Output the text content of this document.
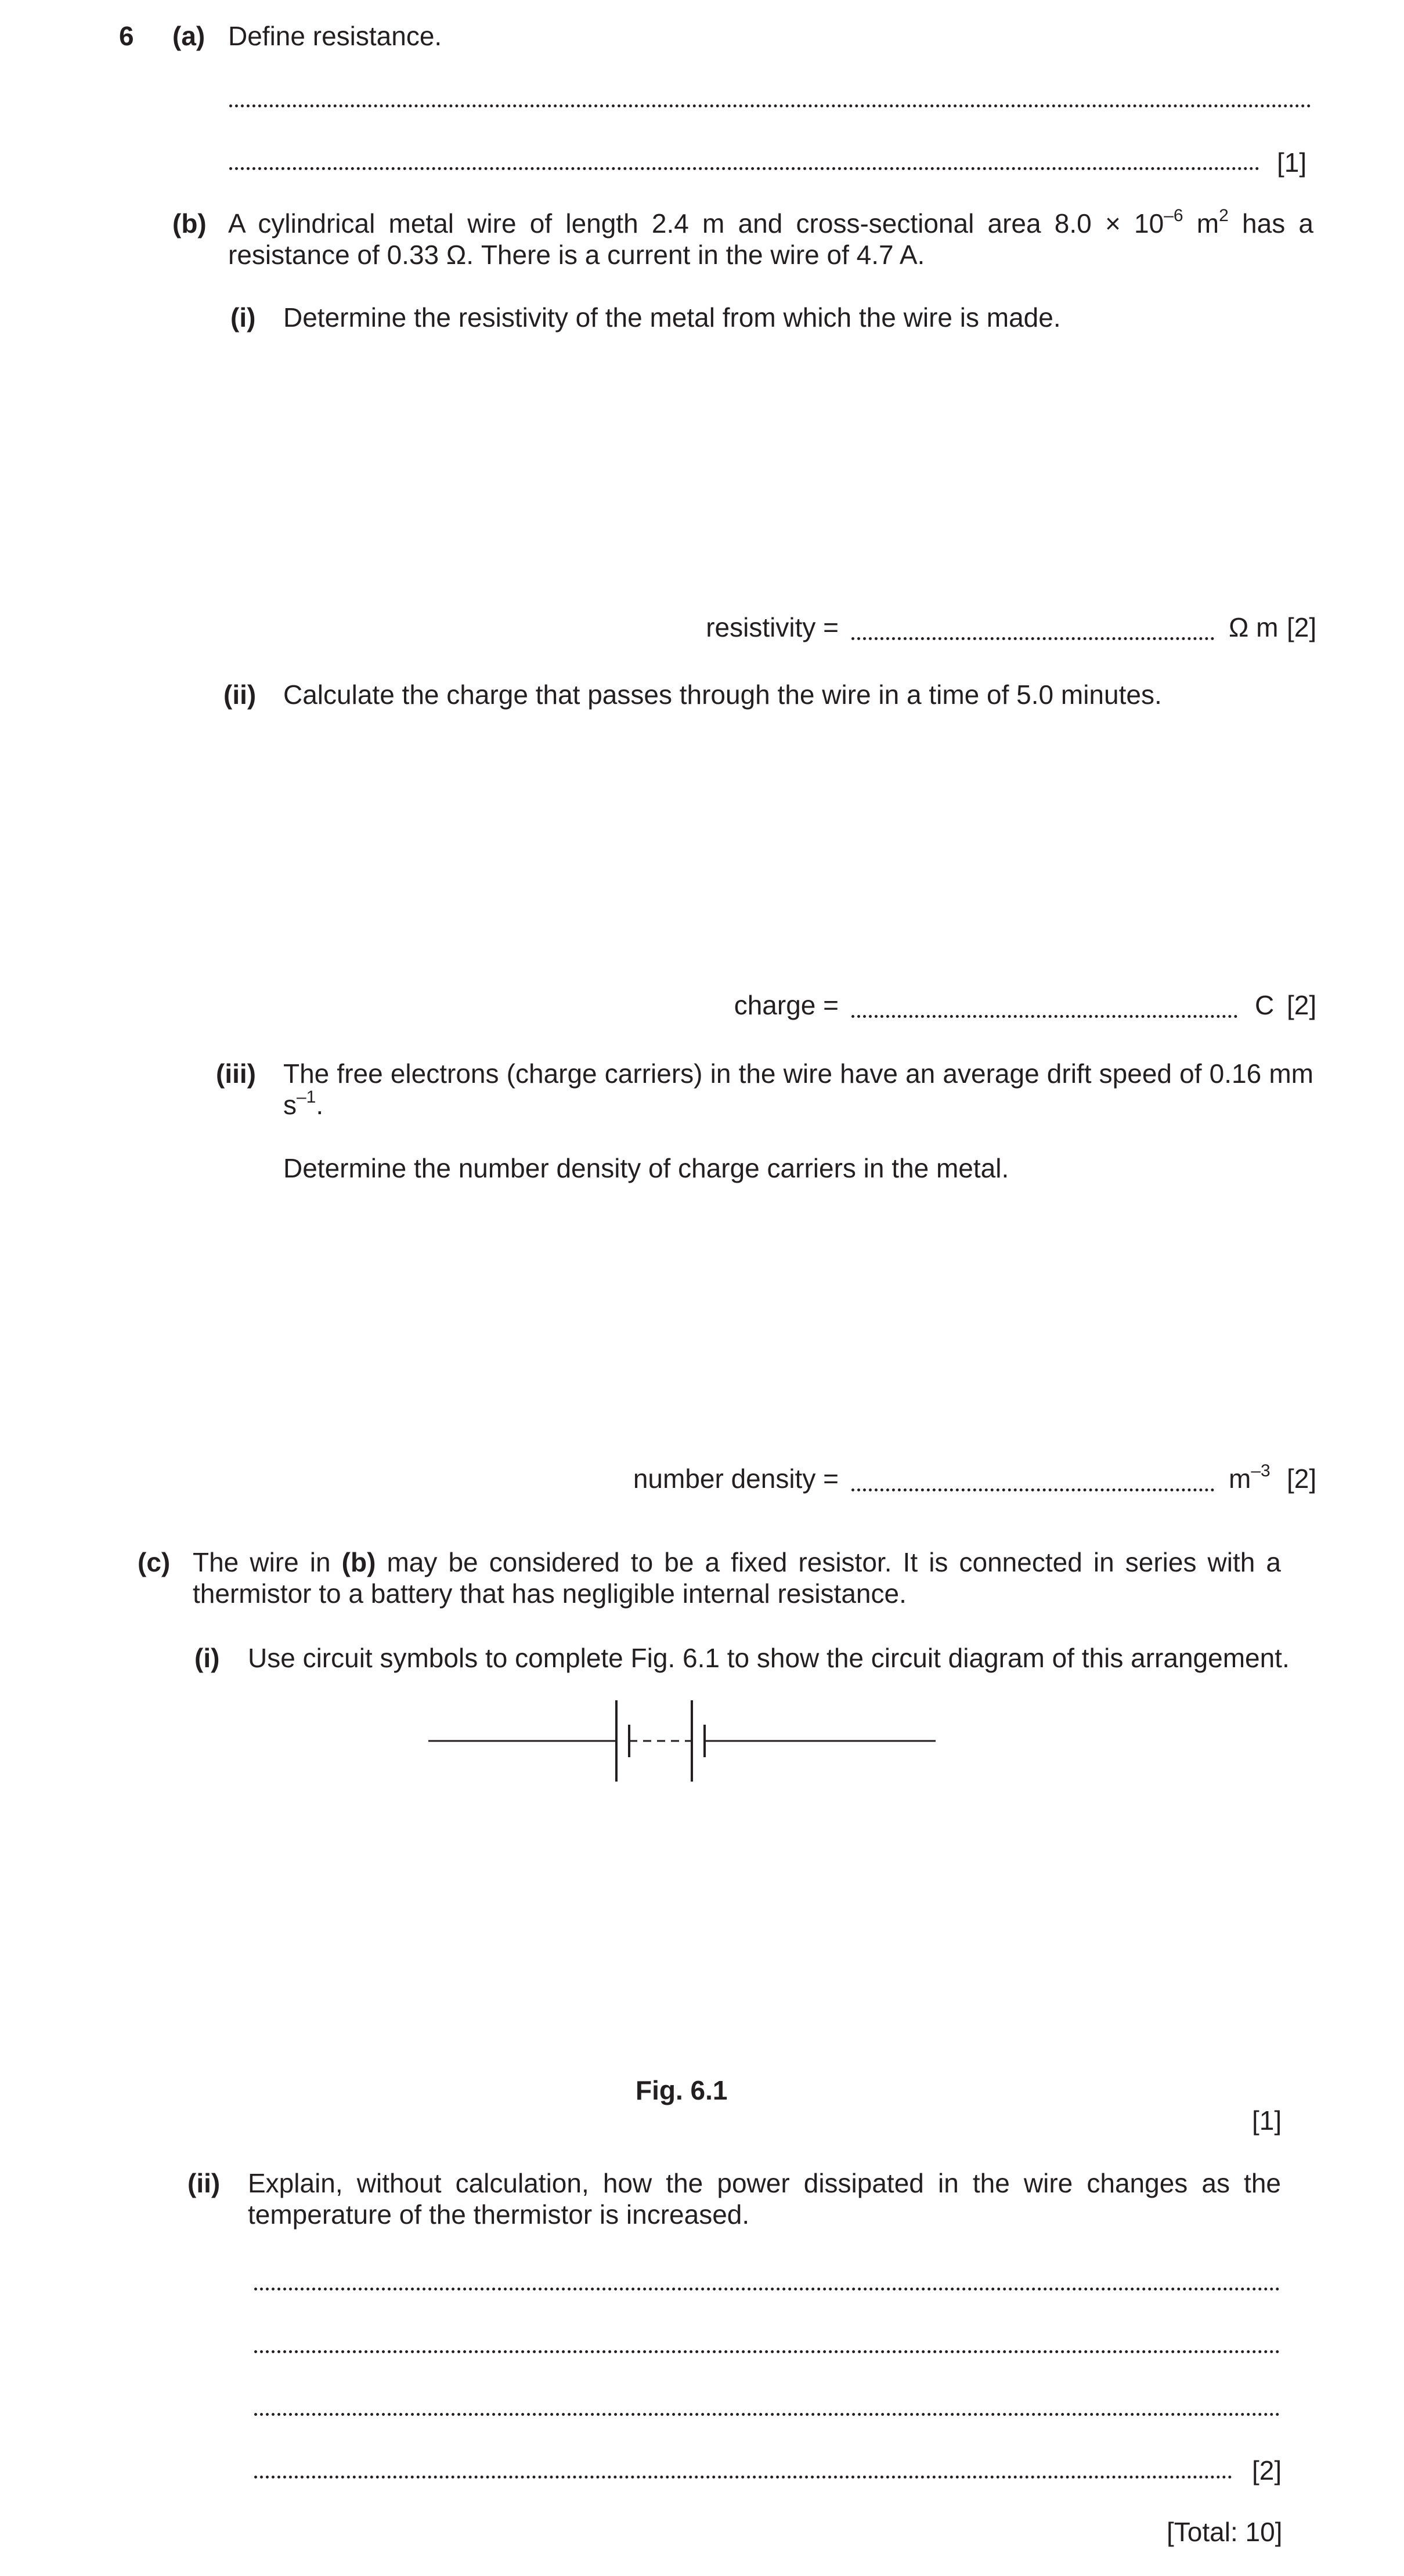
6 (a) Define resistance.
[1]
(b) A cylindrical metal wire of length 2.4 m and cross-sectional area $8.0 \times 10^{-6}$ $m^2$ has a resistance of 0.33 Ω. There is a current in the wire of 4.7 A.
(i) Determine the resistivity of the metal from which the wire is made.
resistivity =	Ω m [2]
(ii) Calculate the charge that passes through the wire in a time of 5.0 minutes.
charge =	C [2]
(iii) The free electrons (charge carriers) in the wire have an average drift speed of 0.16 mm $s^{-1}$.
Determine the number density of charge carriers in the metal.
number density =	$m^{-3}$ [2]
(c) The wire in (b) may be considered to be a fixed resistor. It is connected in series with a thermistor to a battery that has negligible internal resistance.
(i) Use circuit symbols to complete Fig. 6.1 to show the circuit diagram of this arrangement.
Fig. 6.1
[1]
(ii) Explain, without calculation, how the power dissipated in the wire changes as the temperature of the thermistor is increased.
[2]
[Total: 10]
